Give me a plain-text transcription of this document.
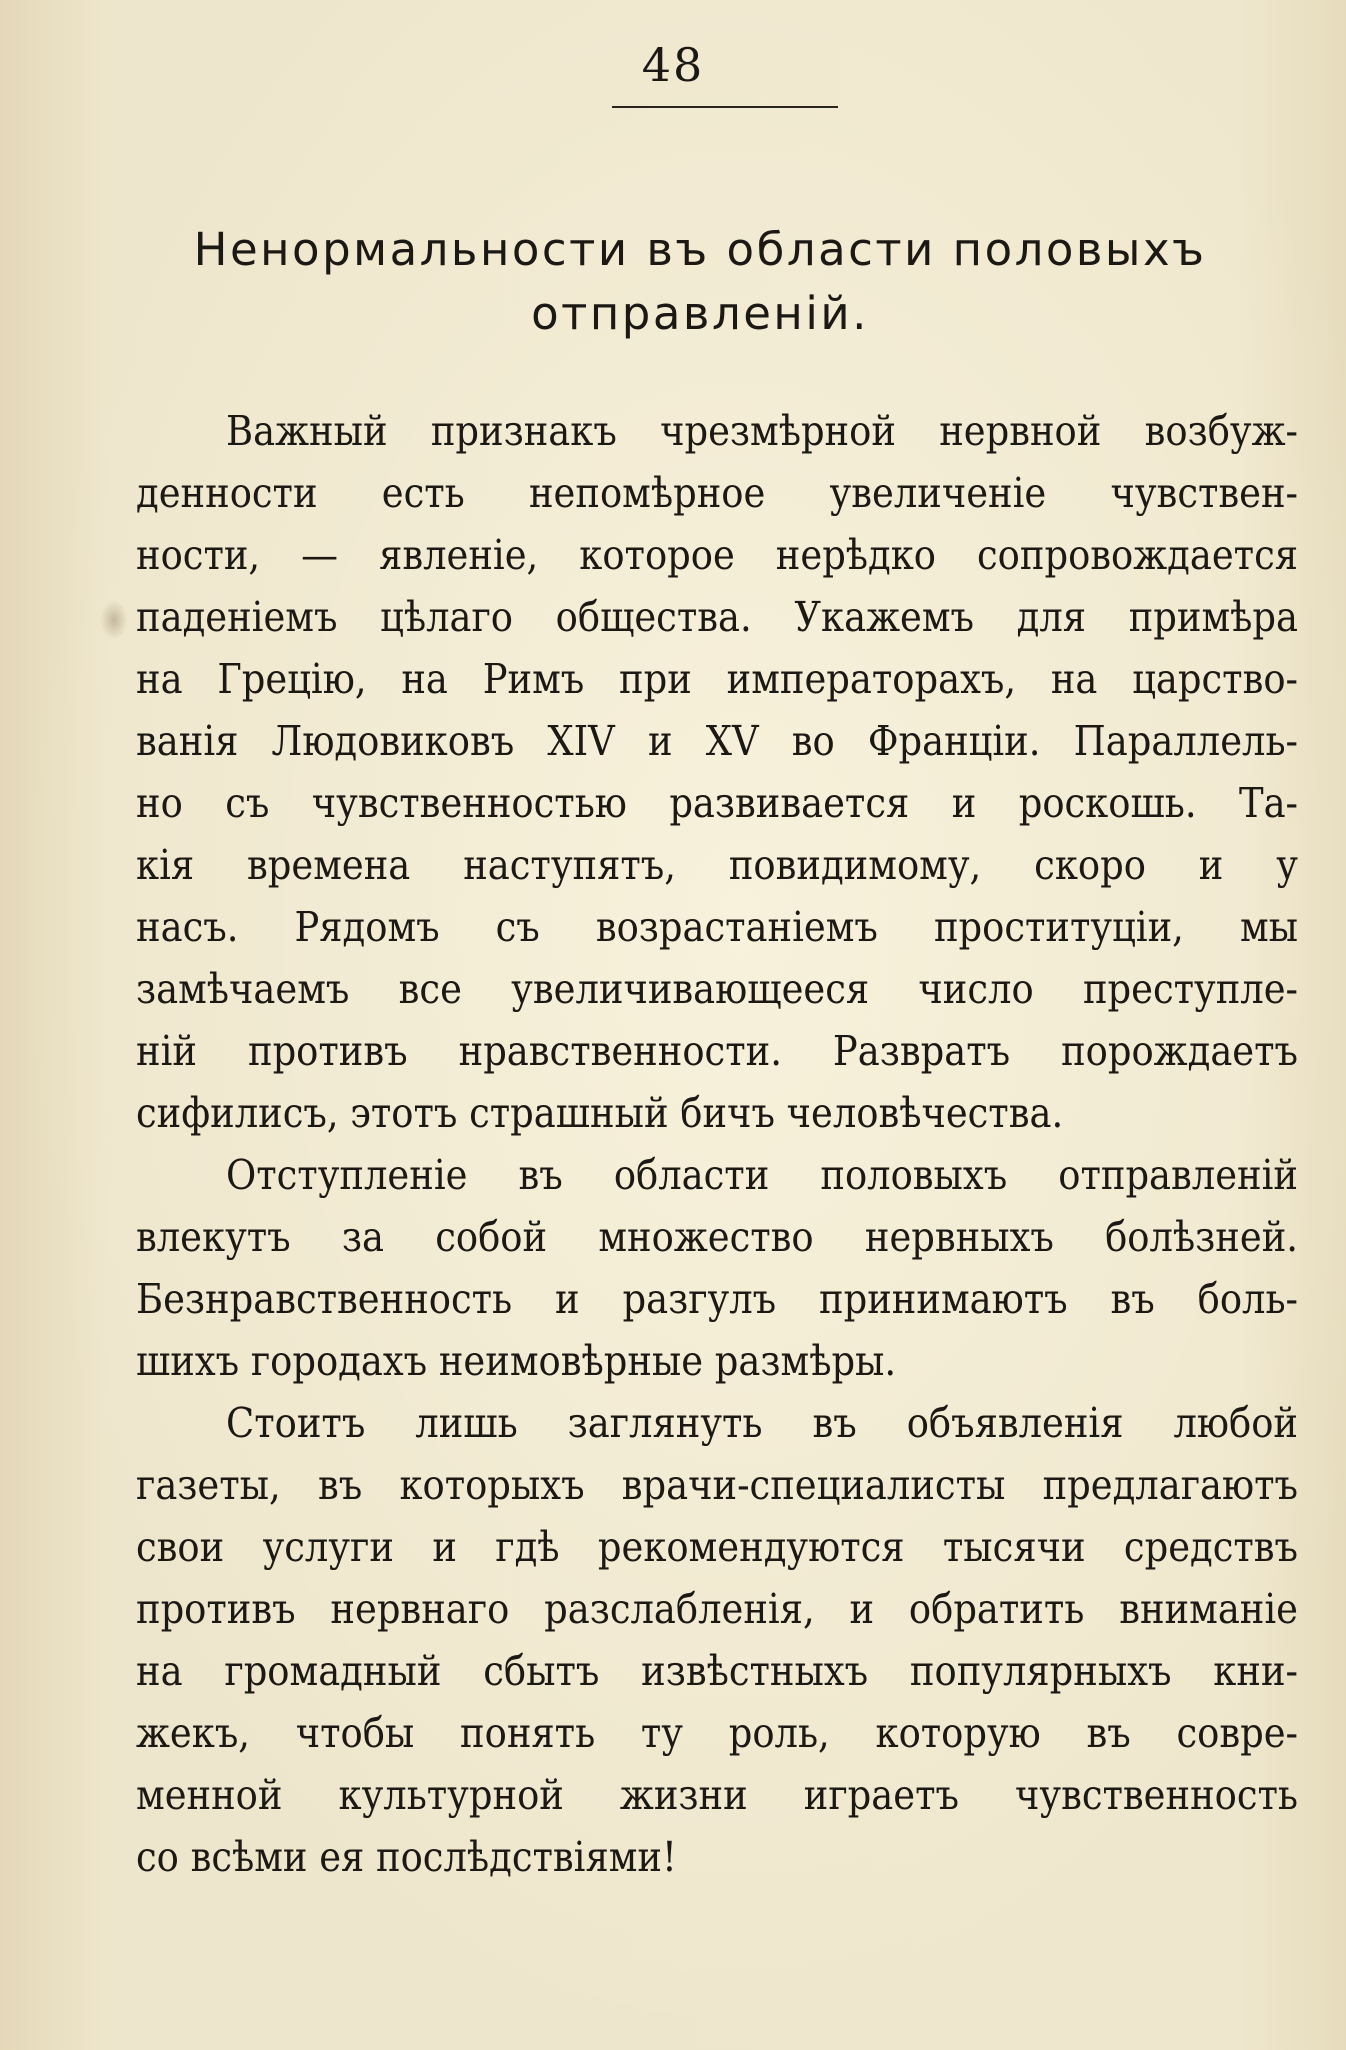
48
Ненормальности въ области половыхъ
отправленій.
Важный признакъ чрезмѣрной нервной возбуж-
денности есть непомѣрное увеличеніе чувствен-
ности, — явленіе, которое нерѣдко сопровождается
паденіемъ цѣлаго общества. Укажемъ для примѣра
на Грецію, на Римъ при императорахъ, на царство-
ванія Людовиковъ XIV и XV во Франціи. Параллель-
но съ чувственностью развивается и роскошь. Та-
кія времена наступятъ, повидимому, скоро и у
насъ. Рядомъ съ возрастаніемъ проституціи, мы
замѣчаемъ все увеличивающееся число преступле-
ній противъ нравственности. Развратъ порождаетъ
сифилисъ, этотъ страшный бичъ человѣчества.
Отступленіе въ области половыхъ отправленій
влекутъ за собой множество нервныхъ болѣзней.
Безнравственность и разгулъ принимаютъ въ боль-
шихъ городахъ неимовѣрные размѣры.
Стоитъ лишь заглянуть въ объявленія любой
газеты, въ которыхъ врачи-специалисты предлагаютъ
свои услуги и гдѣ рекомендуются тысячи средствъ
противъ нервнаго разслабленія, и обратить вниманіе
на громадный сбытъ извѣстныхъ популярныхъ кни-
жекъ, чтобы понять ту роль, которую въ совре-
менной культурной жизни играетъ чувственность
со всѣми ея послѣдствіями!
